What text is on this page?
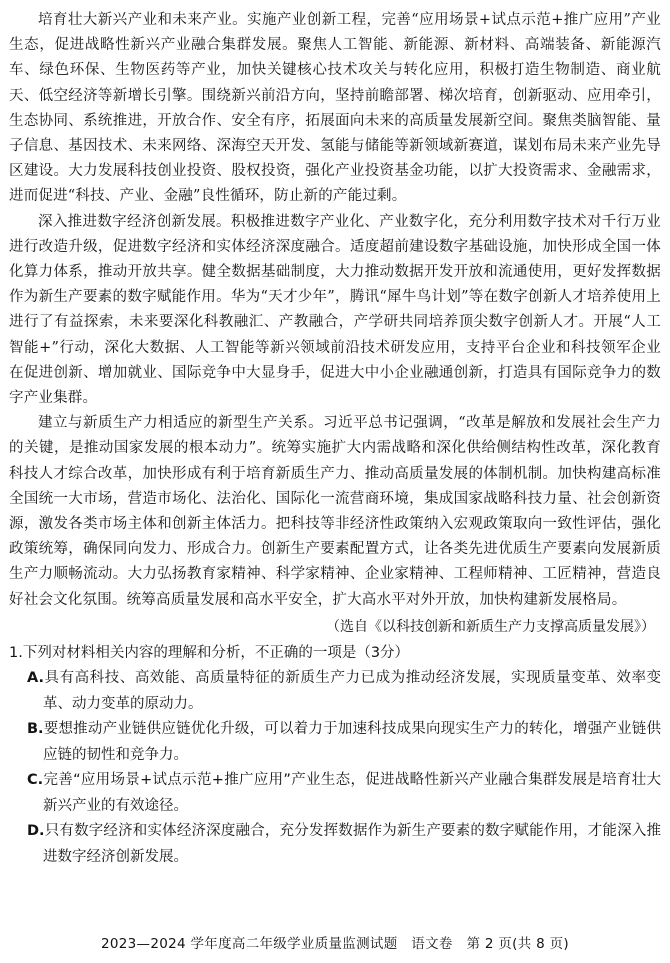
培育壮大新兴产业和未来产业。实施产业创新工程，完善“应用场景+试点示范+推广应用”产业生态，促进战略性新兴产业融合集群发展。聚焦人工智能、新能源、新材料、高端装备、新能源汽车、绿色环保、生物医药等产业，加快关键核心技术攻关与转化应用，积极打造生物制造、商业航天、低空经济等新增长引擎。围绕新兴前沿方向，坚持前瞻部署、梯次培育，创新驱动、应用牵引，生态协同、系统推进，开放合作、安全有序，拓展面向未来的高质量发展新空间。聚焦类脑智能、量子信息、基因技术、未来网络、深海空天开发、氢能与储能等新领域新赛道，谋划布局未来产业先导区建设。大力发展科技创业投资、股权投资，强化产业投资基金功能，以扩大投资需求、金融需求，进而促进“科技、产业、金融”良性循环，防止新的产能过剩。

深入推进数字经济创新发展。积极推进数字产业化、产业数字化，充分利用数字技术对千行万业进行改造升级，促进数字经济和实体经济深度融合。适度超前建设数字基础设施，加快形成全国一体化算力体系，推动开放共享。健全数据基础制度，大力推动数据开发开放和流通使用，更好发挥数据作为新生产要素的数字赋能作用。华为“天才少年”，腾讯“犀牛鸟计划”等在数字创新人才培养使用上进行了有益探索，未来要深化科教融汇、产教融合，产学研共同培养顶尖数字创新人才。开展“人工智能+”行动，深化大数据、人工智能等新兴领域前沿技术研发应用，支持平台企业和科技领军企业在促进创新、增加就业、国际竞争中大显身手，促进大中小企业融通创新，打造具有国际竞争力的数字产业集群。

建立与新质生产力相适应的新型生产关系。习近平总书记强调，“改革是解放和发展社会生产力的关键，是推动国家发展的根本动力”。统筹实施扩大内需战略和深化供给侧结构性改革，深化教育科技人才综合改革，加快形成有利于培育新质生产力、推动高质量发展的体制机制。加快构建高标准全国统一大市场，营造市场化、法治化、国际化一流营商环境，集成国家战略科技力量、社会创新资源，激发各类市场主体和创新主体活力。把科技等非经济性政策纳入宏观政策取向一致性评估，强化政策统筹，确保同向发力、形成合力。创新生产要素配置方式，让各类先进优质生产要素向发展新质生产力顺畅流动。大力弘扬教育家精神、科学家精神、企业家精神、工程师精神、工匠精神，营造良好社会文化氛围。统筹高质量发展和高水平安全，扩大高水平对外开放，加快构建新发展格局。

（选自《以科技创新和新质生产力支撑高质量发展》）

1.下列对材料相关内容的理解和分析，不正确的一项是（3分）

A.具有高科技、高效能、高质量特征的新质生产力已成为推动经济发展，实现质量变革、效率变革、动力变革的原动力。

B.要想推动产业链供应链优化升级，可以着力于加速科技成果向现实生产力的转化，增强产业链供应链的韧性和竞争力。

C.完善“应用场景+试点示范+推广应用”产业生态，促进战略性新兴产业融合集群发展是培育壮大新兴产业的有效途径。

D.只有数字经济和实体经济深度融合，充分发挥数据作为新生产要素的数字赋能作用，才能深入推进数字经济创新发展。

2023—2024 学年度高二年级学业质量监测试题　语文卷　第 2 页(共 8 页)
